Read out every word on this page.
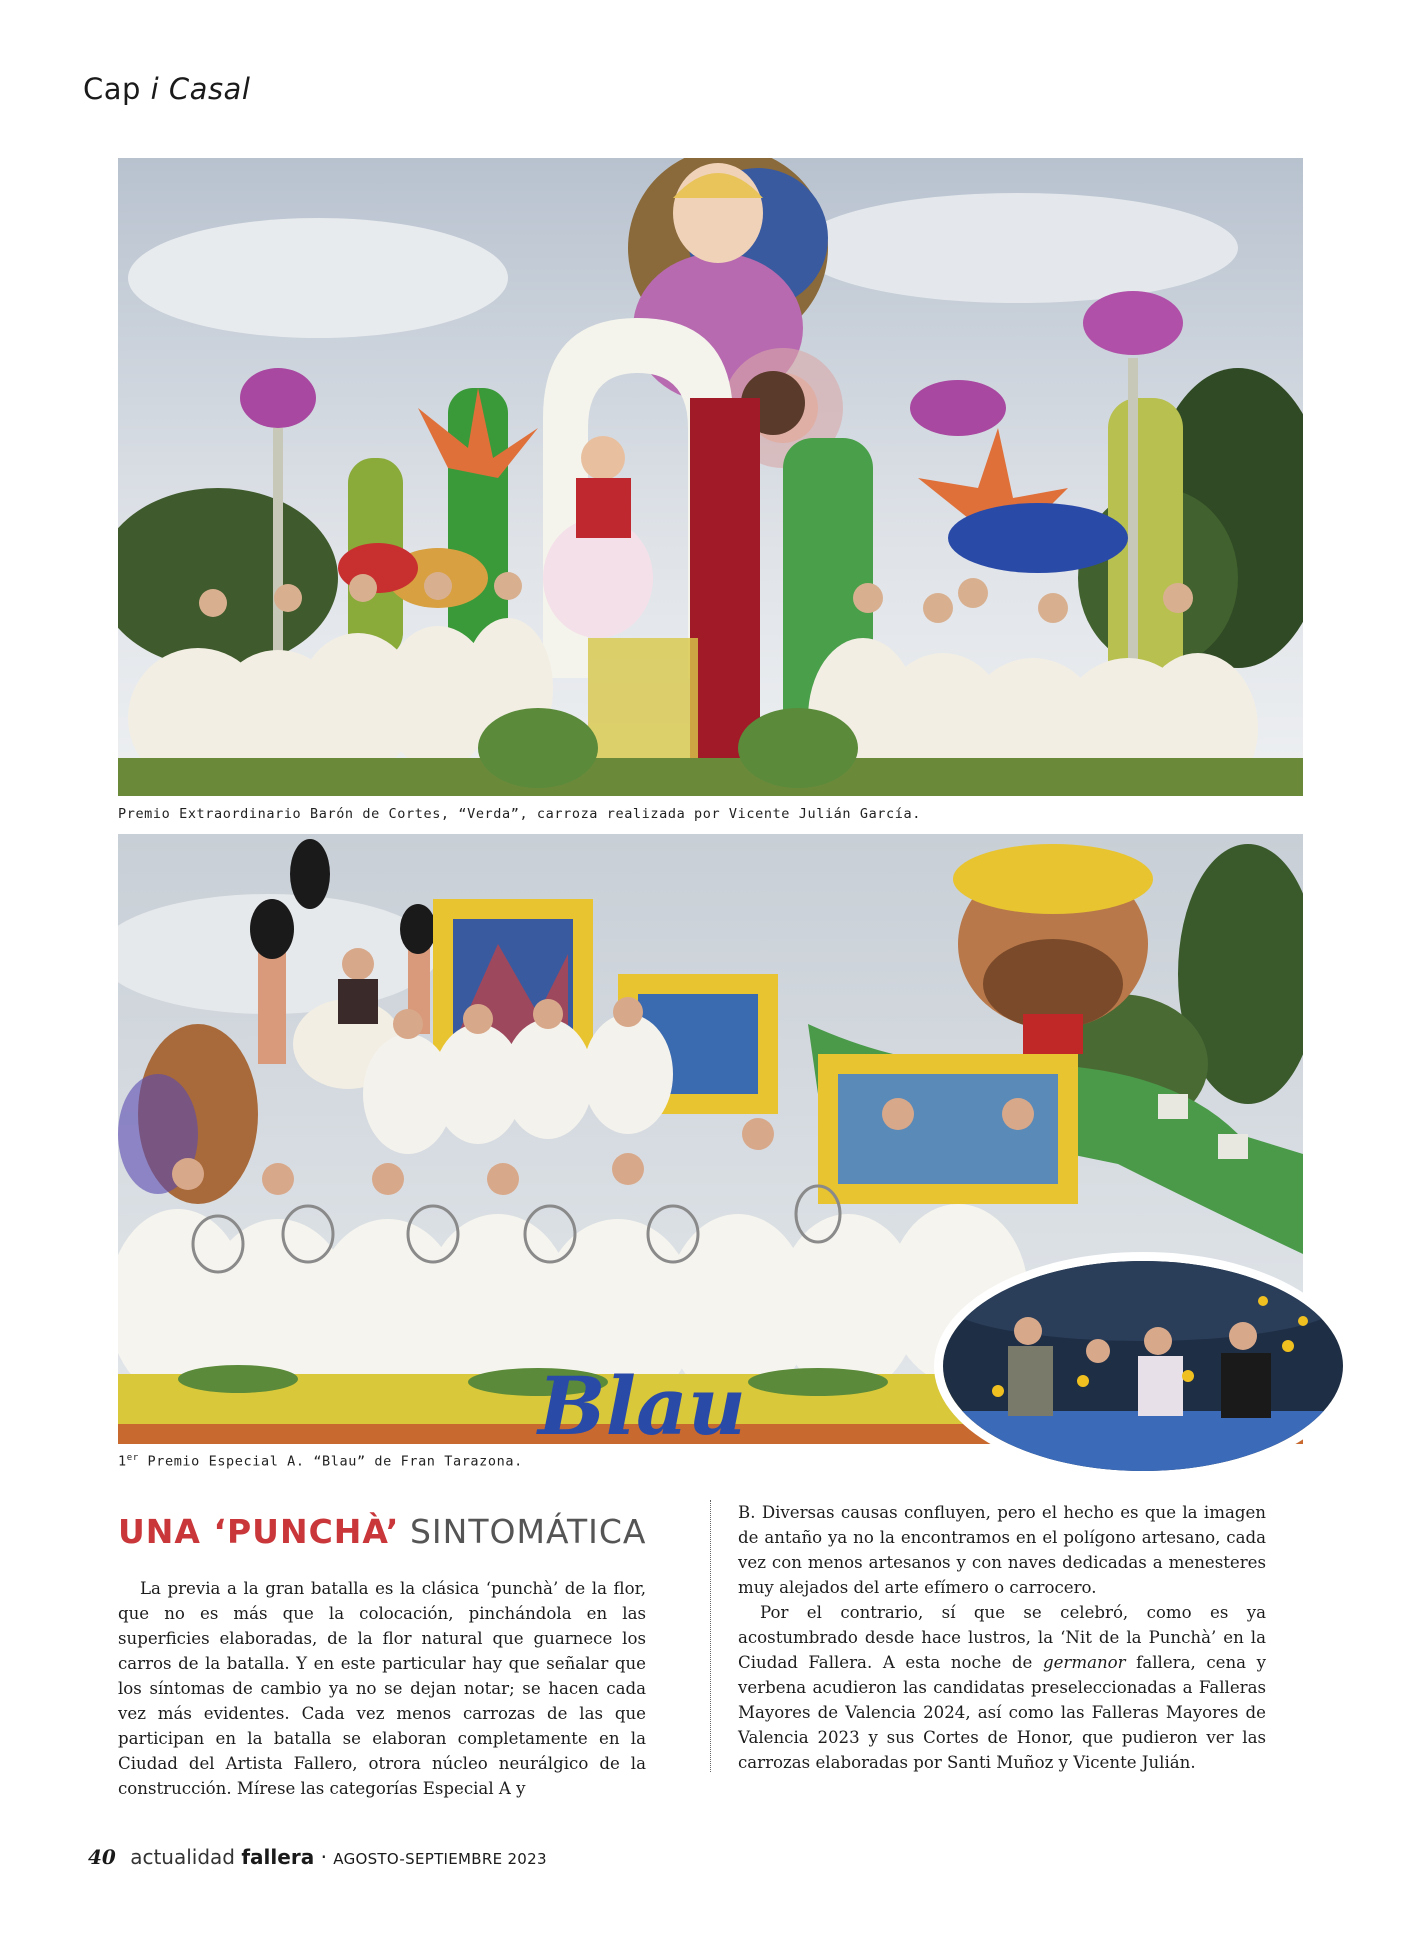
Cap i Casal
Premio Extraordinario Barón de Cortes, “Verda”, carroza realizada por Vicente Julián García.
Blau
1er Premio Especial A. “Blau” de Fran Tarazona.
UNA ‘PUNCHÀ’ SINTOMÁTICA

La previa a la gran batalla es la clásica ‘punchà’ de la flor, que no es más que la colocación, pinchándola en las superficies elaboradas, de la flor natural que guarnece los carros de la batalla. Y en este particular hay que señalar que los síntomas de cambio ya no se dejan notar; se hacen cada vez más evidentes. Cada vez menos carrozas de las que participan en la batalla se elaboran completamente en la Ciudad del Artista Fallero, otrora núcleo neurálgico de la construcción. Mírese las categorías Especial A y

B. Diversas causas confluyen, pero el hecho es que la imagen de antaño ya no la encontramos en el polígono artesano, cada vez con menos artesanos y con naves dedicadas a menesteres muy alejados del arte efímero o carrocero.

Por el contrario, sí que se celebró, como es ya acostumbrado desde hace lustros, la ‘Nit de la Punchà’ en la Ciudad Fallera. A esta noche de germanor fallera, cena y verbena acudieron las candidatas preseleccionadas a Falleras Mayores de Valencia 2024, así como las Falleras Mayores de Valencia 2023 y sus Cortes de Honor, que pudieron ver las carrozas elaboradas por Santi Muñoz y Vicente Julián.

40 actualidad fallera · AGOSTO-SEPTIEMBRE 2023
